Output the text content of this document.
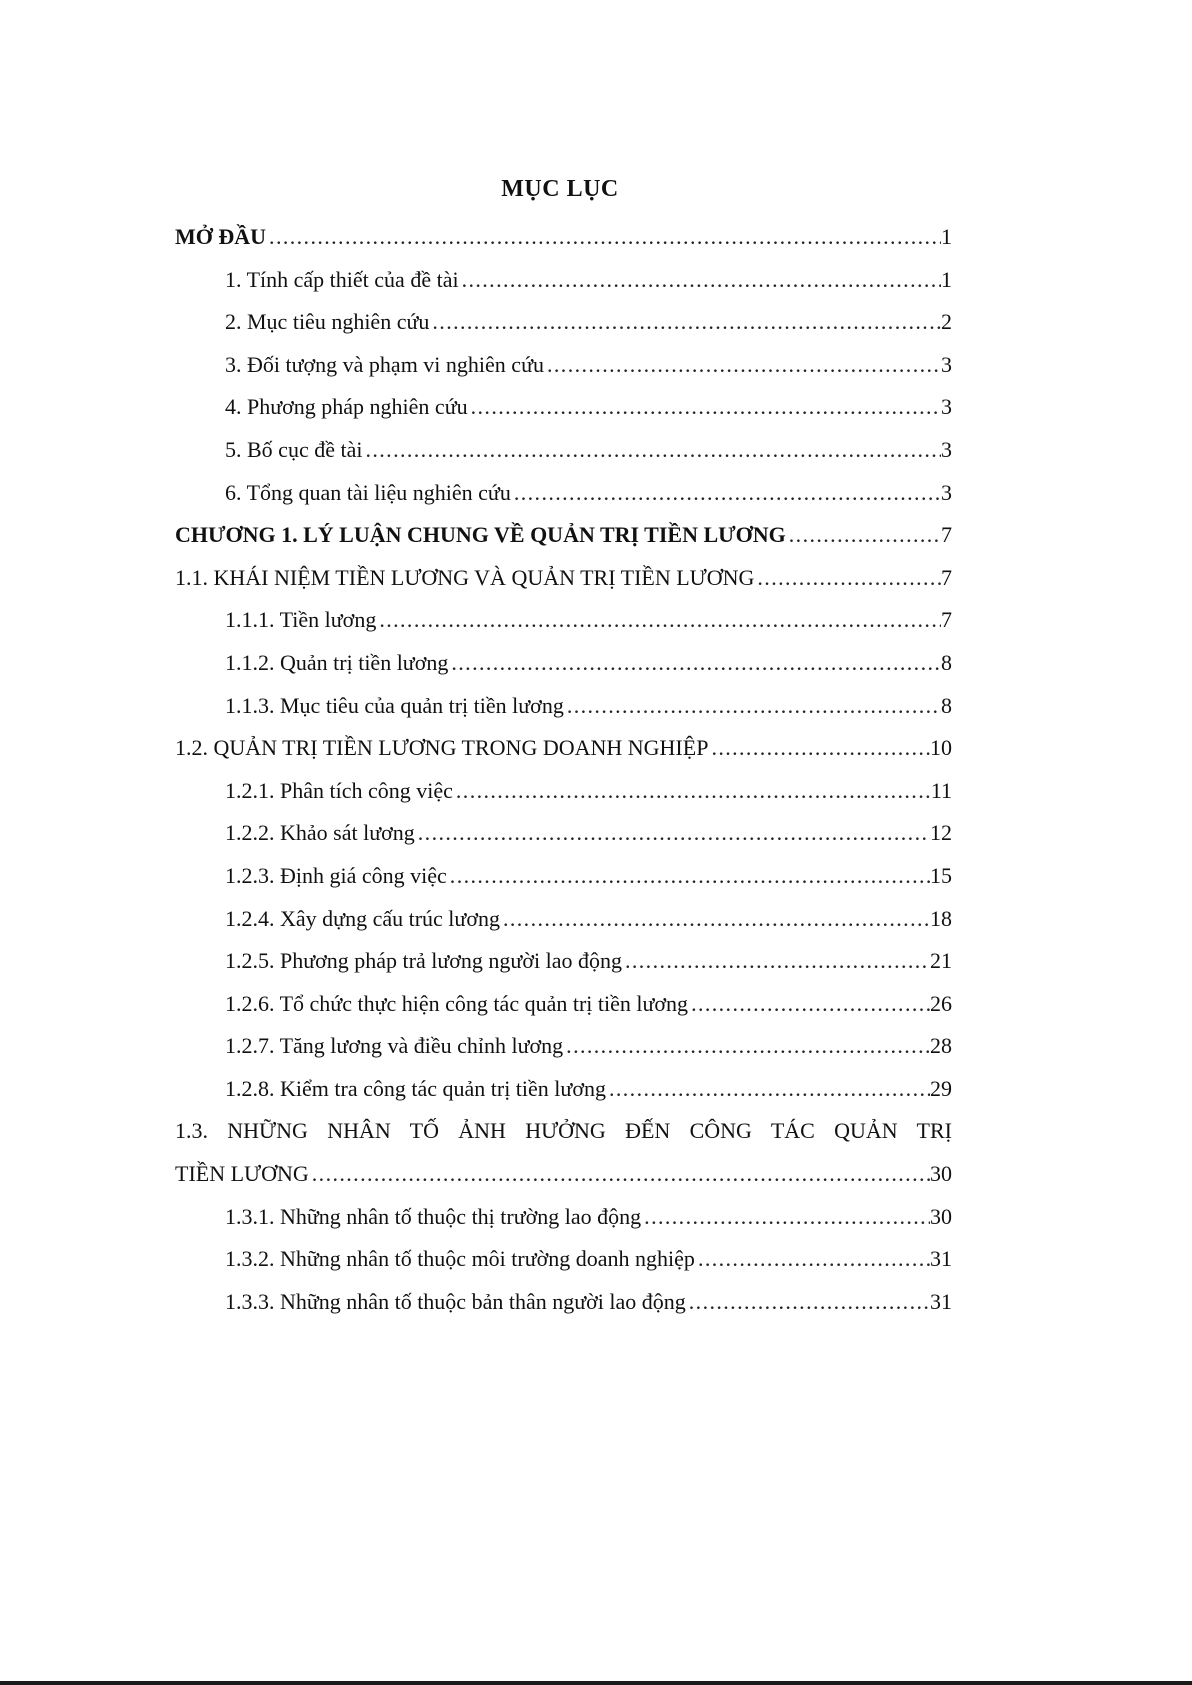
MỤC LỤC
MỞ ĐẦU .....	1
1. Tính cấp thiết của đề tài .....	1
2. Mục tiêu nghiên cứu .....	2
3. Đối tượng và phạm vi nghiên cứu .....	3
4. Phương pháp nghiên cứu .....	3
5. Bố cục đề tài .....	3
6. Tổng quan tài liệu nghiên cứu .....	3
CHƯƠNG 1. LÝ LUẬN CHUNG VỀ QUẢN TRỊ TIỀN LƯƠNG .....	7
1.1. KHÁI NIỆM TIỀN LƯƠNG VÀ QUẢN TRỊ TIỀN LƯƠNG .....	7
1.1.1. Tiền lương .....	7
1.1.2. Quản trị tiền lương .....	8
1.1.3. Mục tiêu của quản trị tiền lương .....	8
1.2. QUẢN TRỊ TIỀN LƯƠNG TRONG DOANH NGHIỆP .....	10
1.2.1. Phân tích công việc .....	11
1.2.2. Khảo sát lương .....	12
1.2.3. Định giá công việc .....	15
1.2.4. Xây dựng cấu trúc lương .....	18
1.2.5. Phương pháp trả lương người lao động .....	21
1.2.6. Tổ chức thực hiện công tác quản trị tiền lương .....	26
1.2.7. Tăng lương và điều chỉnh lương .....	28
1.2.8. Kiểm tra công tác quản trị tiền lương .....	29
1.3. NHỮNG NHÂN TỐ ẢNH HƯỞNG ĐẾN CÔNG TÁC QUẢN TRỊ
TIỀN LƯƠNG .....	30
1.3.1. Những nhân tố thuộc thị trường lao động .....	30
1.3.2. Những nhân tố thuộc môi trường doanh nghiệp .....	31
1.3.3. Những nhân tố thuộc bản thân người lao động .....	31
